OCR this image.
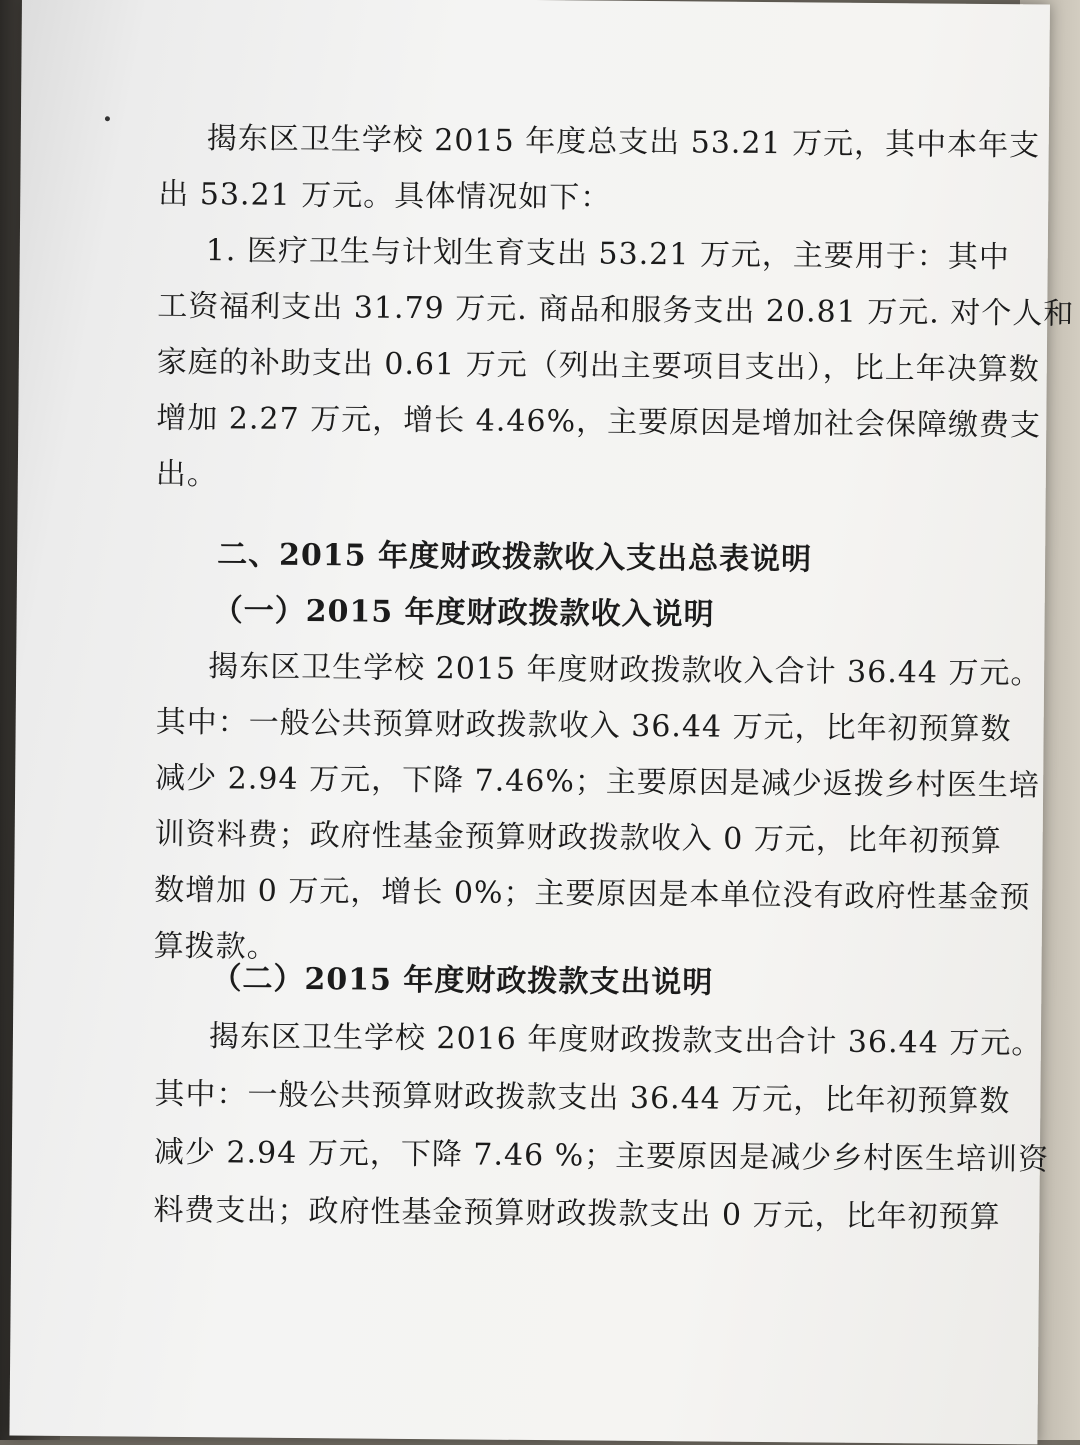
揭东区卫生学校 2015 年度总支出 53.21 万元，其中本年支
出 53.21 万元。具体情况如下：
1. 医疗卫生与计划生育支出 53.21 万元，主要用于：其中
工资福利支出 31.79 万元. 商品和服务支出 20.81 万元. 对个人和
家庭的补助支出 0.61 万元（列出主要项目支出），比上年决算数
增加 2.27 万元，增长 4.46%，主要原因是增加社会保障缴费支
出。
二、2015 年度财政拨款收入支出总表说明
（一）2015 年度财政拨款收入说明
揭东区卫生学校 2015 年度财政拨款收入合计 36.44 万元。
其中：一般公共预算财政拨款收入 36.44 万元，比年初预算数
减少 2.94 万元，下降 7.46%；主要原因是减少返拨乡村医生培
训资料费；政府性基金预算财政拨款收入 0 万元，比年初预算
数增加 0 万元，增长 0%；主要原因是本单位没有政府性基金预
算拨款。
（二）2015 年度财政拨款支出说明
揭东区卫生学校 2016 年度财政拨款支出合计 36.44 万元。
其中：一般公共预算财政拨款支出 36.44 万元，比年初预算数
减少 2.94 万元，下降 7.46 %；主要原因是减少乡村医生培训资
料费支出；政府性基金预算财政拨款支出 0 万元，比年初预算
